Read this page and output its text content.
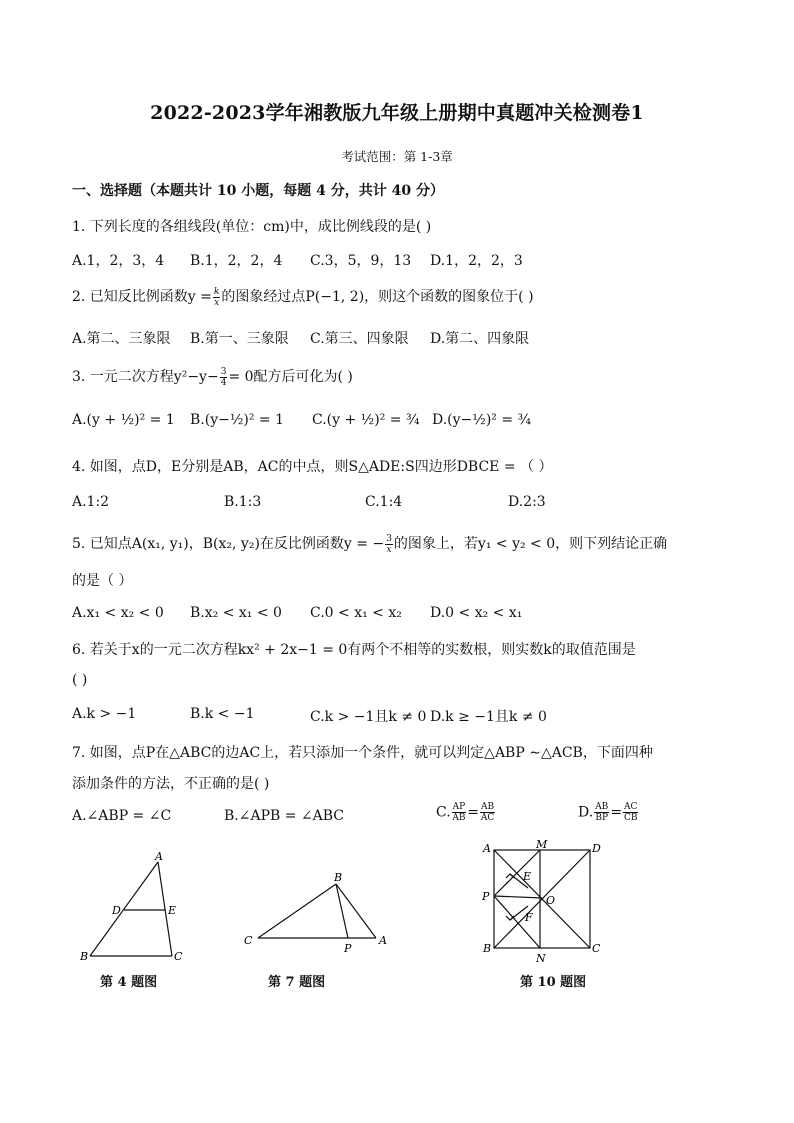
2022-2023学年湘教版九年级上册期中真题冲关检测卷1
考试范围：第 1-3章
一、选择题（本题共计 10 小题，每题 4 分，共计 40 分）
1. 下列长度的各组线段(单位：cm)中，成比例线段的是( )
A.1，2，3，4 B.1，2，2，4 C.3，5，9，13 D.1，2，2，3
2. 已知反比例函数$y = \frac{k}{x}$ 的图象经过点P(−1, 2)，则这个函数的图象位于( )
A.第二、三象限 B.第一、三象限 C.第三、四象限 D.第二、四象限
3. 一元二次方程$y^2-y- \frac{3}{4} = 0$配方后可化为( )
A.(y + ½)² = 1 B.(y−½)² = 1 C.(y + ½)² = ¾ D.(y−½)² = ¾
4. 如图，点D，E分别是AB，AC的中点，则S△ADE:S四边形DBCE = （ ）
A.1:2	B.1:3	C.1:4	D.2:3
5. 已知点A(x₁, y₁)，B(x₂, y₂)在反比例函数y = − $\frac{3}{x}$ 的图象上，若y₁ < y₂ < 0，则下列结论正确
的是（ ）
A.x₁ < x₂ < 0 B.x₂ < x₁ < 0 C.0 < x₁ < x₂ D.0 < x₂ < x₁
6. 若关于x的一元二次方程kx² + 2x−1 = 0有两个不相等的实数根，则实数k的取值范围是
( )
A.k > −1	B.k < −1	C.k > −1且k ≠ 0 D.k ≥ −1且k ≠ 0
7. 如图，点P在△ABC的边AC上，若只添加一个条件，就可以判定△ABP ∼△ACB，下面四种
添加条件的方法，不正确的是( )
A.∠ABP = ∠C	B.∠APB = ∠ABC	C. $\frac{AP}{AB} = \frac{AB}{AC}$	D. $\frac{AB}{BP} = \frac{AC}{CB}$
A
D	E
B	C
第 4 题图
B
C
P
A
第 7 题图
A	M	D
P
E
O
F
B
N
C
第 10 题图
